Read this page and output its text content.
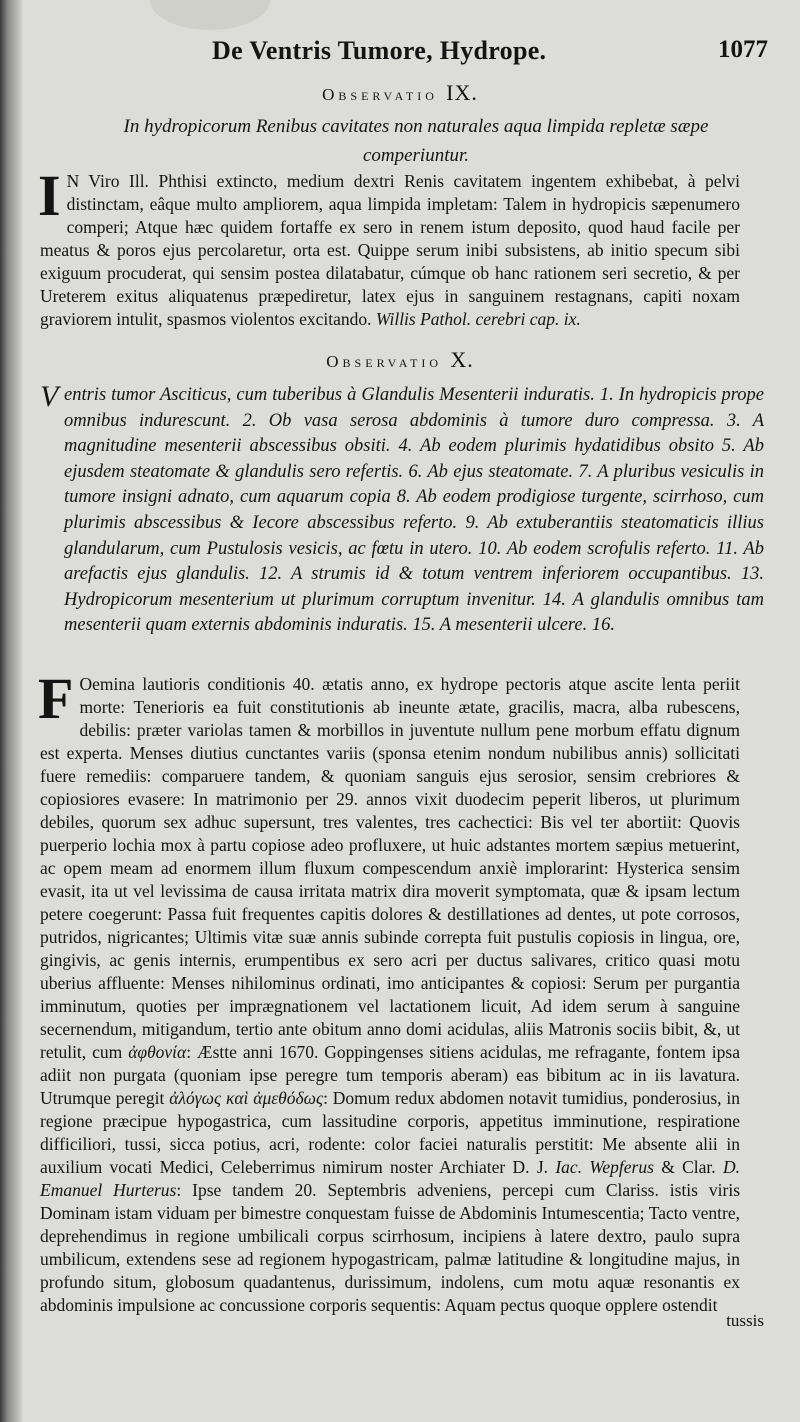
De Ventris Tumore, Hydrope.	1077
Observatio IX.
In hydropicorum Renibus cavitates non naturales aqua limpida repletæ sæpe comperiuntur.
I N Viro Ill. Phthisi extincto, medium dextri Renis cavitatem ingentem exhibebat, à pelvi distinctam, eâque multo ampliorem, aqua limpida impletam: Talem in hydropicis sæpenumero comperi; Atque hæc quidem fortaffe ex sero in renem istum deposito, quod haud facile per meatus & poros ejus percolaretur, orta est. Quippe serum inibi subsistens, ab initio specum sibi exiguum procuderat, qui sensim postea dilatabatur, cúmque ob hanc rationem seri secretio, & per Ureterem exitus aliquatenus præpediretur, latex ejus in sanguinem restagnans, capiti noxam graviorem intulit, spasmos violentos excitando. Willis Pathol. cerebri cap. ix.
Observatio X.
Ventris tumor Asciticus, cum tuberibus à Glandulis Mesenterii induratis. 1. In hydropicis prope omnibus indurescunt. 2. Ob vasa serosa abdominis à tumore duro compressa. 3. A magnitudine mesenterii abscessibus obsiti. 4. Ab eodem plurimis hydatidibus obsito 5. Ab ejusdem steatomate & glandulis sero refertis. 6. Ab ejus steatomate. 7. A pluribus vesiculis in tumore insigni adnato, cum aquarum copia 8. Ab eodem prodigiose turgente, scirrhoso, cum plurimis abscessibus & Iecore abscessibus referto. 9. Ab extuberantiis steatomaticis illius glandularum, cum Pustulosis vesicis, ac fœtu in utero. 10. Ab eodem scrofulis referto. 11. Ab arefactis ejus glandulis. 12. A strumis id & totum ventrem inferiorem occupantibus. 13. Hydropicorum mesenterium ut plurimum corruptum invenitur. 14. A glandulis omnibus tam mesenterii quam externis abdominis induratis. 15. A mesenterii ulcere. 16.
F Oemina lautioris conditionis 40. ætatis anno, ex hydrope pectoris atque ascite lenta periit morte: Tenerioris ea fuit constitutionis ab ineunte ætate, gracilis, macra, alba rubescens, debilis: præter variolas tamen & morbillos in juventute nullum pene morbum effatu dignum est experta. Menses diutius cunctantes variis (sponsa etenim nondum nubilibus annis) sollicitati fuere remediis: comparuere tandem, & quoniam sanguis ejus serosior, sensim crebriores & copiosiores evasere: In matrimonio per 29. annos vixit duodecim peperit liberos, ut plurimum debiles, quorum sex adhuc supersunt, tres valentes, tres cachectici: Bis vel ter abortiit: Quovis puerperio lochia mox à partu copiose adeo profluxere, ut huic adstantes mortem sæpius metuerint, ac opem meam ad enormem illum fluxum compescendum anxiè implorarint: Hysterica sensim evasit, ita ut vel levissima de causa irritata matrix dira moverit symptomata, quæ & ipsam lectum petere coegerunt: Passa fuit frequentes capitis dolores & destillationes ad dentes, ut pote corrosos, putridos, nigricantes; Ultimis vitæ suæ annis subinde correpta fuit pustulis copiosis in lingua, ore, gingivis, ac genis internis, erumpentibus ex sero acri per ductus salivares, critico quasi motu uberius affluente: Menses nihilominus ordinati, imo anticipantes & copiosi: Serum per purgantia imminutum, quoties per imprægnationem vel lactationem licuit, Ad idem serum à sanguine secernendum, mitigandum, tertio ante obitum anno domi acidulas, aliis Matronis sociis bibit, &, ut retulit, cum ἀφθονία: Æstte anni 1670. Goppingenses sitiens acidulas, me refragante, fontem ipsa adiit non purgata (quoniam ipse peregre tum temporis aberam) eas bibitum ac in iis lavatura. Utrumque peregit ἀλόγως καὶ ἀμεθόδως: Domum redux abdomen notavit tumidius, ponderosius, in regione præcipue hypogastrica, cum lassitudine corporis, appetitus imminutione, respiratione difficiliori, tussi, sicca potius, acri, rodente: color faciei naturalis perstitit: Me absente alii in auxilium vocati Medici, Celeberrimus nimirum noster Archiater D. J. Iac. Wepferus & Clar. D. Emanuel Hurterus: Ipse tandem 20. Septembris adveniens, percepi cum Clariss. istis viris Dominam istam viduam per bimestre conquestam fuisse de Abdominis Intumescentia; Tacto ventre, deprehendimus in regione umbilicali corpus scirrhosum, incipiens à latere dextro, paulo supra umbilicum, extendens sese ad regionem hypogastricam, palmæ latitudine & longitudine majus, in profundo situm, globosum quadantenus, durissimum, indolens, cum motu aquæ resonantis ex abdominis impulsione ac concussione corporis sequentis: Aquam pectus quoque opplere ostendit
tussis
